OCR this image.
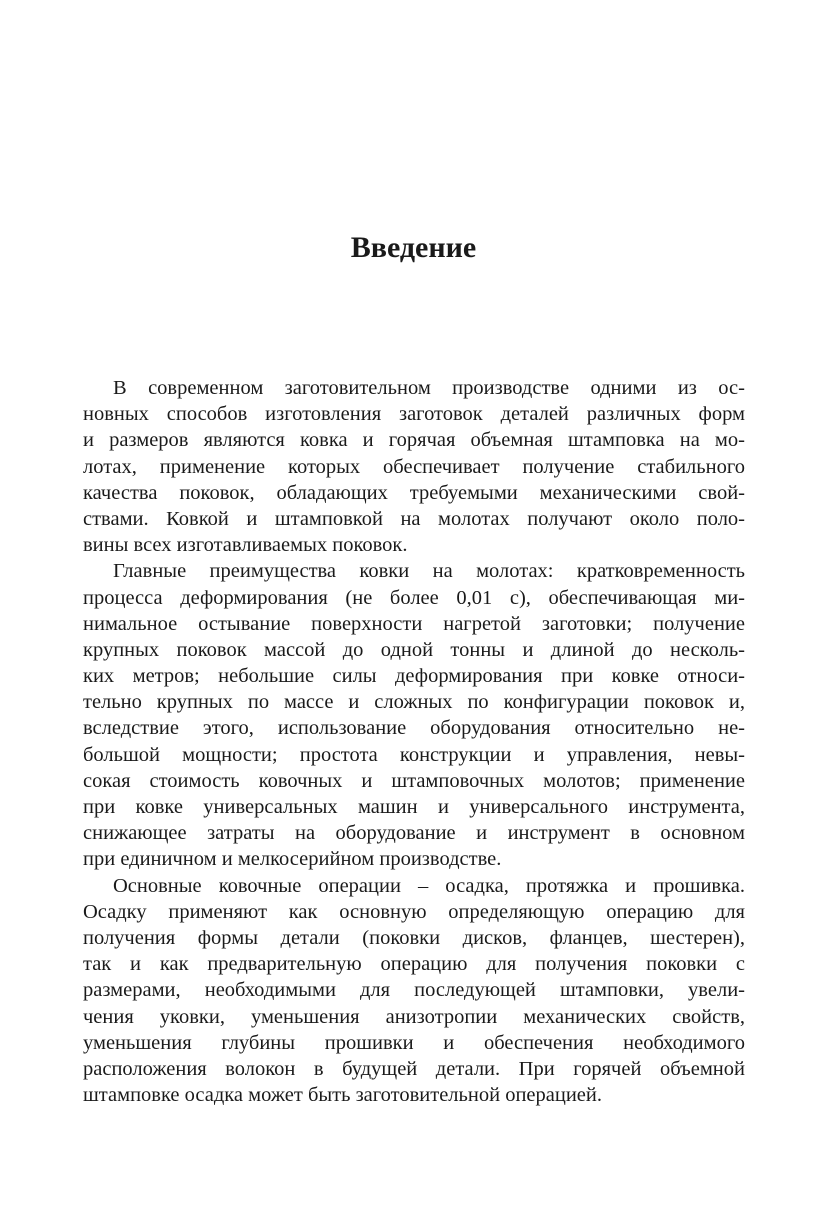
Введение
В современном заготовительном производстве одними из ос-
новных способов изготовления заготовок деталей различных форм
и размеров являются ковка и горячая объемная штамповка на мо-
лотах, применение которых обеспечивает получение стабильного
качества поковок, обладающих требуемыми механическими свой-
ствами. Ковкой и штамповкой на молотах получают около поло-
вины всех изготавливаемых поковок.
Главные преимущества ковки на молотах: кратковременность
процесса деформирования (не более 0,01 с), обеспечивающая ми-
нимальное остывание поверхности нагретой заготовки; получение
крупных поковок массой до одной тонны и длиной до несколь-
ких метров; небольшие силы деформирования при ковке относи-
тельно крупных по массе и сложных по конфигурации поковок и,
вследствие этого, использование оборудования относительно не-
большой мощности; простота конструкции и управления, невы-
сокая стоимость ковочных и штамповочных молотов; применение
при ковке универсальных машин и универсального инструмента,
снижающее затраты на оборудование и инструмент в основном
при единичном и мелкосерийном производстве.
Основные ковочные операции – осадка, протяжка и прошивка.
Осадку применяют как основную определяющую операцию для
получения формы детали (поковки дисков, фланцев, шестерен),
так и как предварительную операцию для получения поковки с
размерами, необходимыми для последующей штамповки, увели-
чения уковки, уменьшения анизотропии механических свойств,
уменьшения глубины прошивки и обеспечения необходимого
расположения волокон в будущей детали. При горячей объемной
штамповке осадка может быть заготовительной операцией.
